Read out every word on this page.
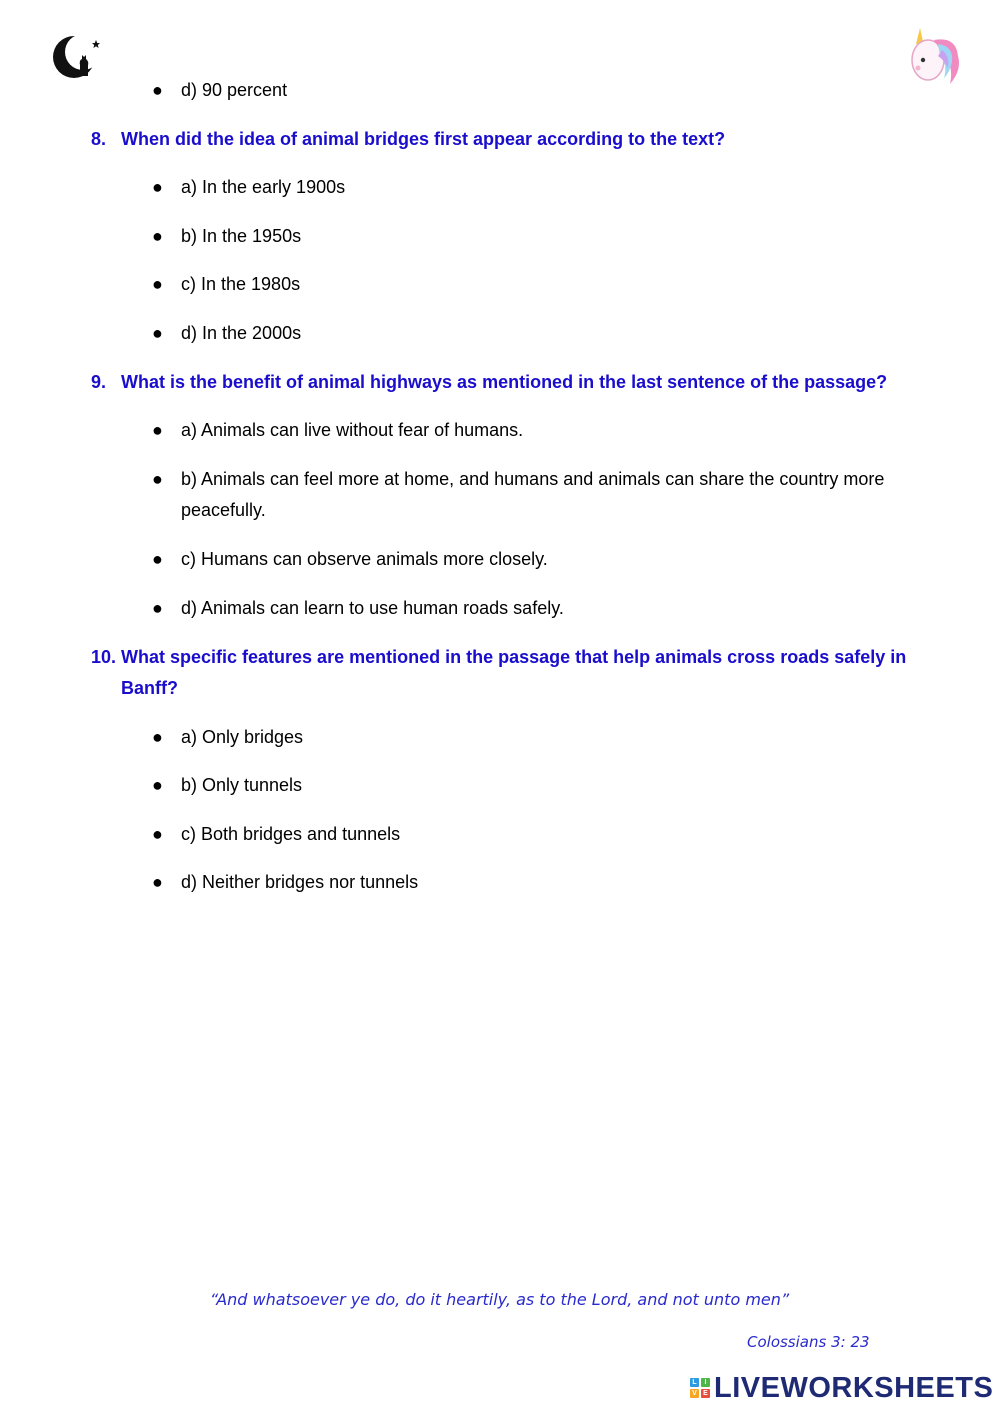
●	d) 90 percent
8. When did the idea of animal bridges first appear according to the text?
●	a) In the early 1900s
●	b) In the 1950s
●	c) In the 1980s
●	d) In the 2000s
9. What is the benefit of animal highways as mentioned in the last sentence of the passage?
●	a) Animals can live without fear of humans.
●	b) Animals can feel more at home, and humans and animals can share the country more peacefully.
●	c) Humans can observe animals more closely.
●	d) Animals can learn to use human roads safely.
10. What specific features are mentioned in the passage that help animals cross roads safely in Banff?
●	a) Only bridges
●	b) Only tunnels
●	c) Both bridges and tunnels
●	d) Neither bridges nor tunnels
“And whatsoever ye do, do it heartily, as to the Lord, and not unto men”
Colossians 3: 23
L	I
V E LIVEWORKSHEETS
